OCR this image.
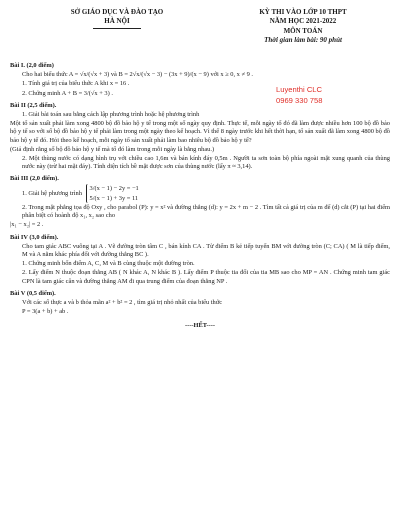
SỞ GIÁO DỤC VÀ ĐÀO TẠO
HÀ NỘI
KỲ THI VÀO LỚP 10 THPT
NĂM HỌC 2021-2022
MÔN TOÁN
Thời gian làm bài: 90 phút
Luyenthi CLC
0969 330 758
Bài I. (2,0 điểm)
Cho hai biểu thức A = √x/(√x + 3) và B = 2√x/(√x − 3) − (3x + 9)/(x − 9) với x ≥ 0, x ≠ 9 .
1. Tính giá trị của biểu thức A khi x = 16 .
2. Chứng minh A + B = 3/(√x + 3) .
Bài II (2,5 điểm).
1. Giải bài toán sau bằng cách lập phương trình hoặc hệ phương trình
Một tổ sản xuất phải làm xong 4800 bộ đồ bảo hộ y tế trong một số ngày quy định. Thực tế, mỗi ngày tổ đó đã làm được nhiều hơn 100 bộ đồ bảo hộ y tế so với số bộ đồ bảo hộ y tế phải làm trong một ngày theo kế hoạch. Vì thế 8 ngày trước khi hết thời hạn, tổ sản xuất đã làm xong 4800 bộ đồ bảo hộ y tế đó. Hỏi theo kế hoạch, mỗi ngày tổ sản xuất phải làm bao nhiêu bộ đồ bảo hộ y tế?
(Giả định rằng số bộ đồ bảo hộ y tế mà tổ đó làm trong mỗi ngày là bằng nhau.)
2. Một thùng nước có dạng hình trụ với chiều cao 1,6m và bán kính đáy 0,5m . Người ta sơn toàn bộ phía ngoài mặt xung quanh của thùng nước này (trừ hai mặt đáy). Tính diện tích bề mặt được sơn của thùng nước (lấy π ≈ 3,14).
Bài III (2,0 điểm).
1. Giải hệ phương trình 3/(x − 1) − 2y = −1
5/(x − 1) + 3y = 11
2. Trong mặt phẳng tọa độ Oxy , cho parabol (P): y = x² và đường thẳng (d): y = 2x + m − 2 . Tìm tất cả giá trị của m để (d) cắt (P) tại hai điểm phân biệt có hoành độ x₁, x₂ sao cho
|x₁ − x₂| = 2 .
Bài IV (3,0 điểm).
Cho tam giác ABC vuông tại A . Vẽ đường tròn tâm C , bán kính CA . Từ điểm B kẻ tiếp tuyến BM với đường tròn (C; CA) ( M là tiếp điểm, M và A nằm khác phía đối với đường thẳng BC ).
1. Chứng minh bốn điểm A, C, M và B cùng thuộc một đường tròn.
2. Lấy điểm N thuộc đoạn thẳng AB ( N khác A, N khác B ). Lấy điểm P thuộc tia đối của tia MB sao cho MP = AN . Chứng minh tam giác CPN là tam giác cân và đường thẳng AM đi qua trung điểm của đoạn thẳng NP .
Bài V (0,5 điểm).
Với các số thực a và b thỏa mãn a² + b² = 2 , tìm giá trị nhỏ nhất của biểu thức
P = 3(a + b) + ab .
----HẾT----
